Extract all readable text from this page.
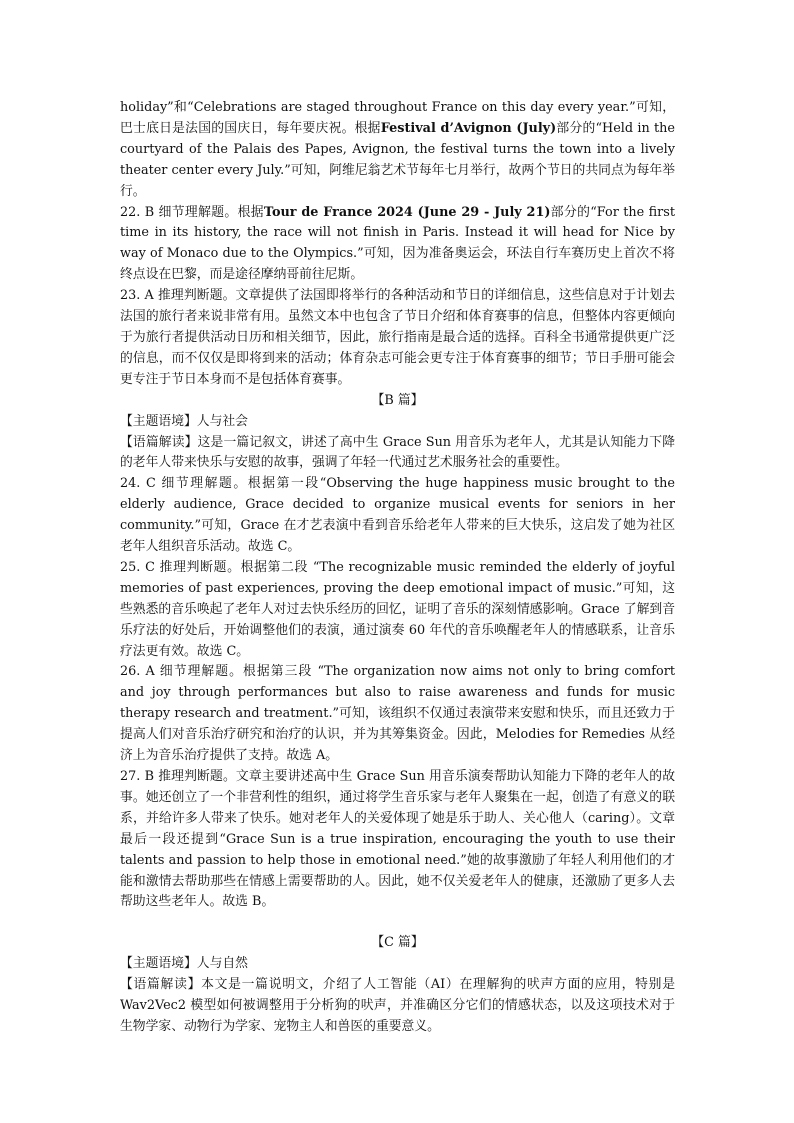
holiday”和“Celebrations are staged throughout France on this day every year.”可知，巴士底日是法国的国庆日，每年要庆祝。根据Festival d’Avignon (July)部分的“Held in the courtyard of the Palais des Papes, Avignon, the festival turns the town into a lively theater center every July.”可知，阿维尼翁艺术节每年七月举行，故两个节日的共同点为每年举行。

22. B 细节理解题。根据Tour de France 2024 (June 29 - July 21)部分的“For the first time in its history, the race will not finish in Paris. Instead it will head for Nice by way of Monaco due to the Olympics.”可知，因为准备奥运会，环法自行车赛历史上首次不将终点设在巴黎，而是途径摩纳哥前往尼斯。

23. A 推理判断题。文章提供了法国即将举行的各种活动和节日的详细信息，这些信息对于计划去法国的旅行者来说非常有用。虽然文本中也包含了节日介绍和体育赛事的信息，但整体内容更倾向于为旅行者提供活动日历和相关细节，因此，旅行指南是最合适的选择。百科全书通常提供更广泛的信息，而不仅仅是即将到来的活动；体育杂志可能会更专注于体育赛事的细节；节日手册可能会更专注于节日本身而不是包括体育赛事。

【B 篇】

【主题语境】人与社会

【语篇解读】这是一篇记叙文，讲述了高中生 Grace Sun 用音乐为老年人，尤其是认知能力下降的老年人带来快乐与安慰的故事，强调了年轻一代通过艺术服务社会的重要性。

24. C 细节理解题。根据第一段“Observing the huge happiness music brought to the elderly audience, Grace decided to organize musical events for seniors in her community.”可知，Grace 在才艺表演中看到音乐给老年人带来的巨大快乐，这启发了她为社区老年人组织音乐活动。故选 C。

25. C 推理判断题。根据第二段 “The recognizable music reminded the elderly of joyful memories of past experiences, proving the deep emotional impact of music.”可知，这些熟悉的音乐唤起了老年人对过去快乐经历的回忆，证明了音乐的深刻情感影响。Grace 了解到音乐疗法的好处后，开始调整他们的表演，通过演奏 60 年代的音乐唤醒老年人的情感联系，让音乐疗法更有效。故选 C。

26. A 细节理解题。根据第三段 “The organization now aims not only to bring comfort and joy through performances but also to raise awareness and funds for music therapy research and treatment.”可知，该组织不仅通过表演带来安慰和快乐，而且还致力于提高人们对音乐治疗研究和治疗的认识，并为其筹集资金。因此，Melodies for Remedies 从经济上为音乐治疗提供了支持。故选 A。

27. B 推理判断题。文章主要讲述高中生 Grace Sun 用音乐演奏帮助认知能力下降的老年人的故事。她还创立了一个非营利性的组织，通过将学生音乐家与老年人聚集在一起，创造了有意义的联系，并给许多人带来了快乐。她对老年人的关爱体现了她是乐于助人、关心他人（caring）。文章最后一段还提到“Grace Sun is a true inspiration, encouraging the youth to use their talents and passion to help those in emotional need.”她的故事激励了年轻人利用他们的才能和激情去帮助那些在情感上需要帮助的人。因此，她不仅关爱老年人的健康，还激励了更多人去帮助这些老年人。故选 B。

【C 篇】

【主题语境】人与自然

【语篇解读】本文是一篇说明文，介绍了人工智能（AI）在理解狗的吠声方面的应用，特别是 Wav2Vec2 模型如何被调整用于分析狗的吠声，并准确区分它们的情感状态，以及这项技术对于生物学家、动物行为学家、宠物主人和兽医的重要意义。
